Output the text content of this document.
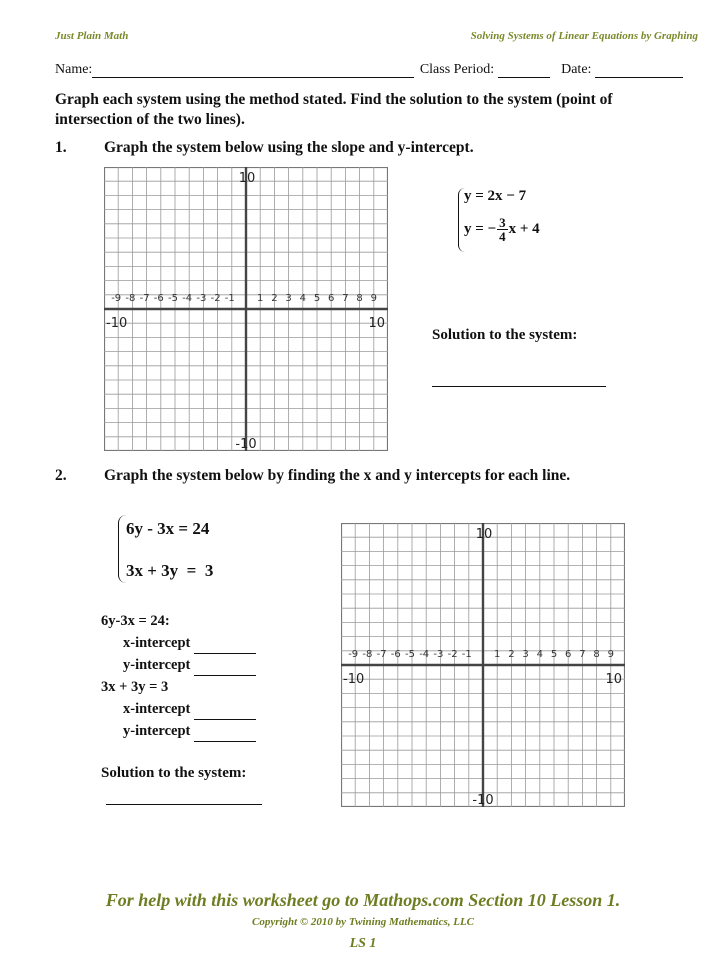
Just Plain Math	Solving Systems of Linear Equations by Graphing
Name:	Class Period:	Date:
Graph each system using the method stated. Find the solution to the system (point of
intersection of the two lines).
1. Graph the system below using the slope and y-intercept.
-9 -8 -7 -6 -5 -4 -3 -2 -1 1 2 3 4 5 6 7 8 9
10
-10
-10	10
y = 2x − 7
y = − $\frac{3}{4}$ x + 4
Solution to the system:
2. Graph the system below by finding the x and y intercepts for each line.
6y - 3x = 24
3x + 3y  =  3
6y-3x = 24:
x-intercept
y-intercept
3x + 3y = 3
x-intercept
y-intercept
Solution to the system:
-9 -8 -7 -6 -5 -4 -3 -2 -1 1 2 3 4 5 6 7 8 9
10
-10
-10	10
For help with this worksheet go to Mathops.com Section 10 Lesson 1.
Copyright © 2010 by Twining Mathematics, LLC
LS 1
